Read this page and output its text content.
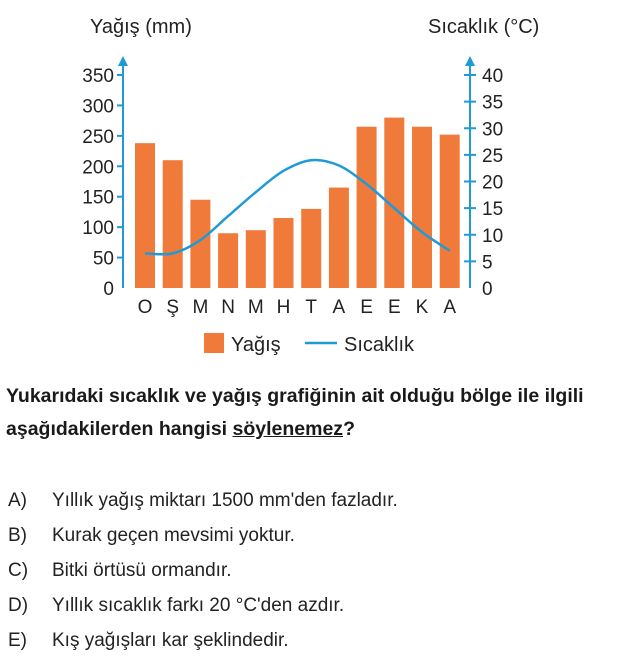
Yağış (mm)	Sıcaklık (°C)
0
50
100
150
200
250
300
350
0
5
10
15
20
25
30
35
40
O Ş M N M H T A E E K A
Yağış	Sıcaklık
Yukarıdaki sıcaklık ve yağış grafiğinin ait olduğu bölge ile ilgili aşağıdakilerden hangisi söylenemez?
A) Yıllık yağış miktarı 1500 mm'den fazladır.
B) Kurak geçen mevsimi yoktur.
C) Bitki örtüsü ormandır.
D) Yıllık sıcaklık farkı 20 °C'den azdır.
E) Kış yağışları kar şeklindedir.
